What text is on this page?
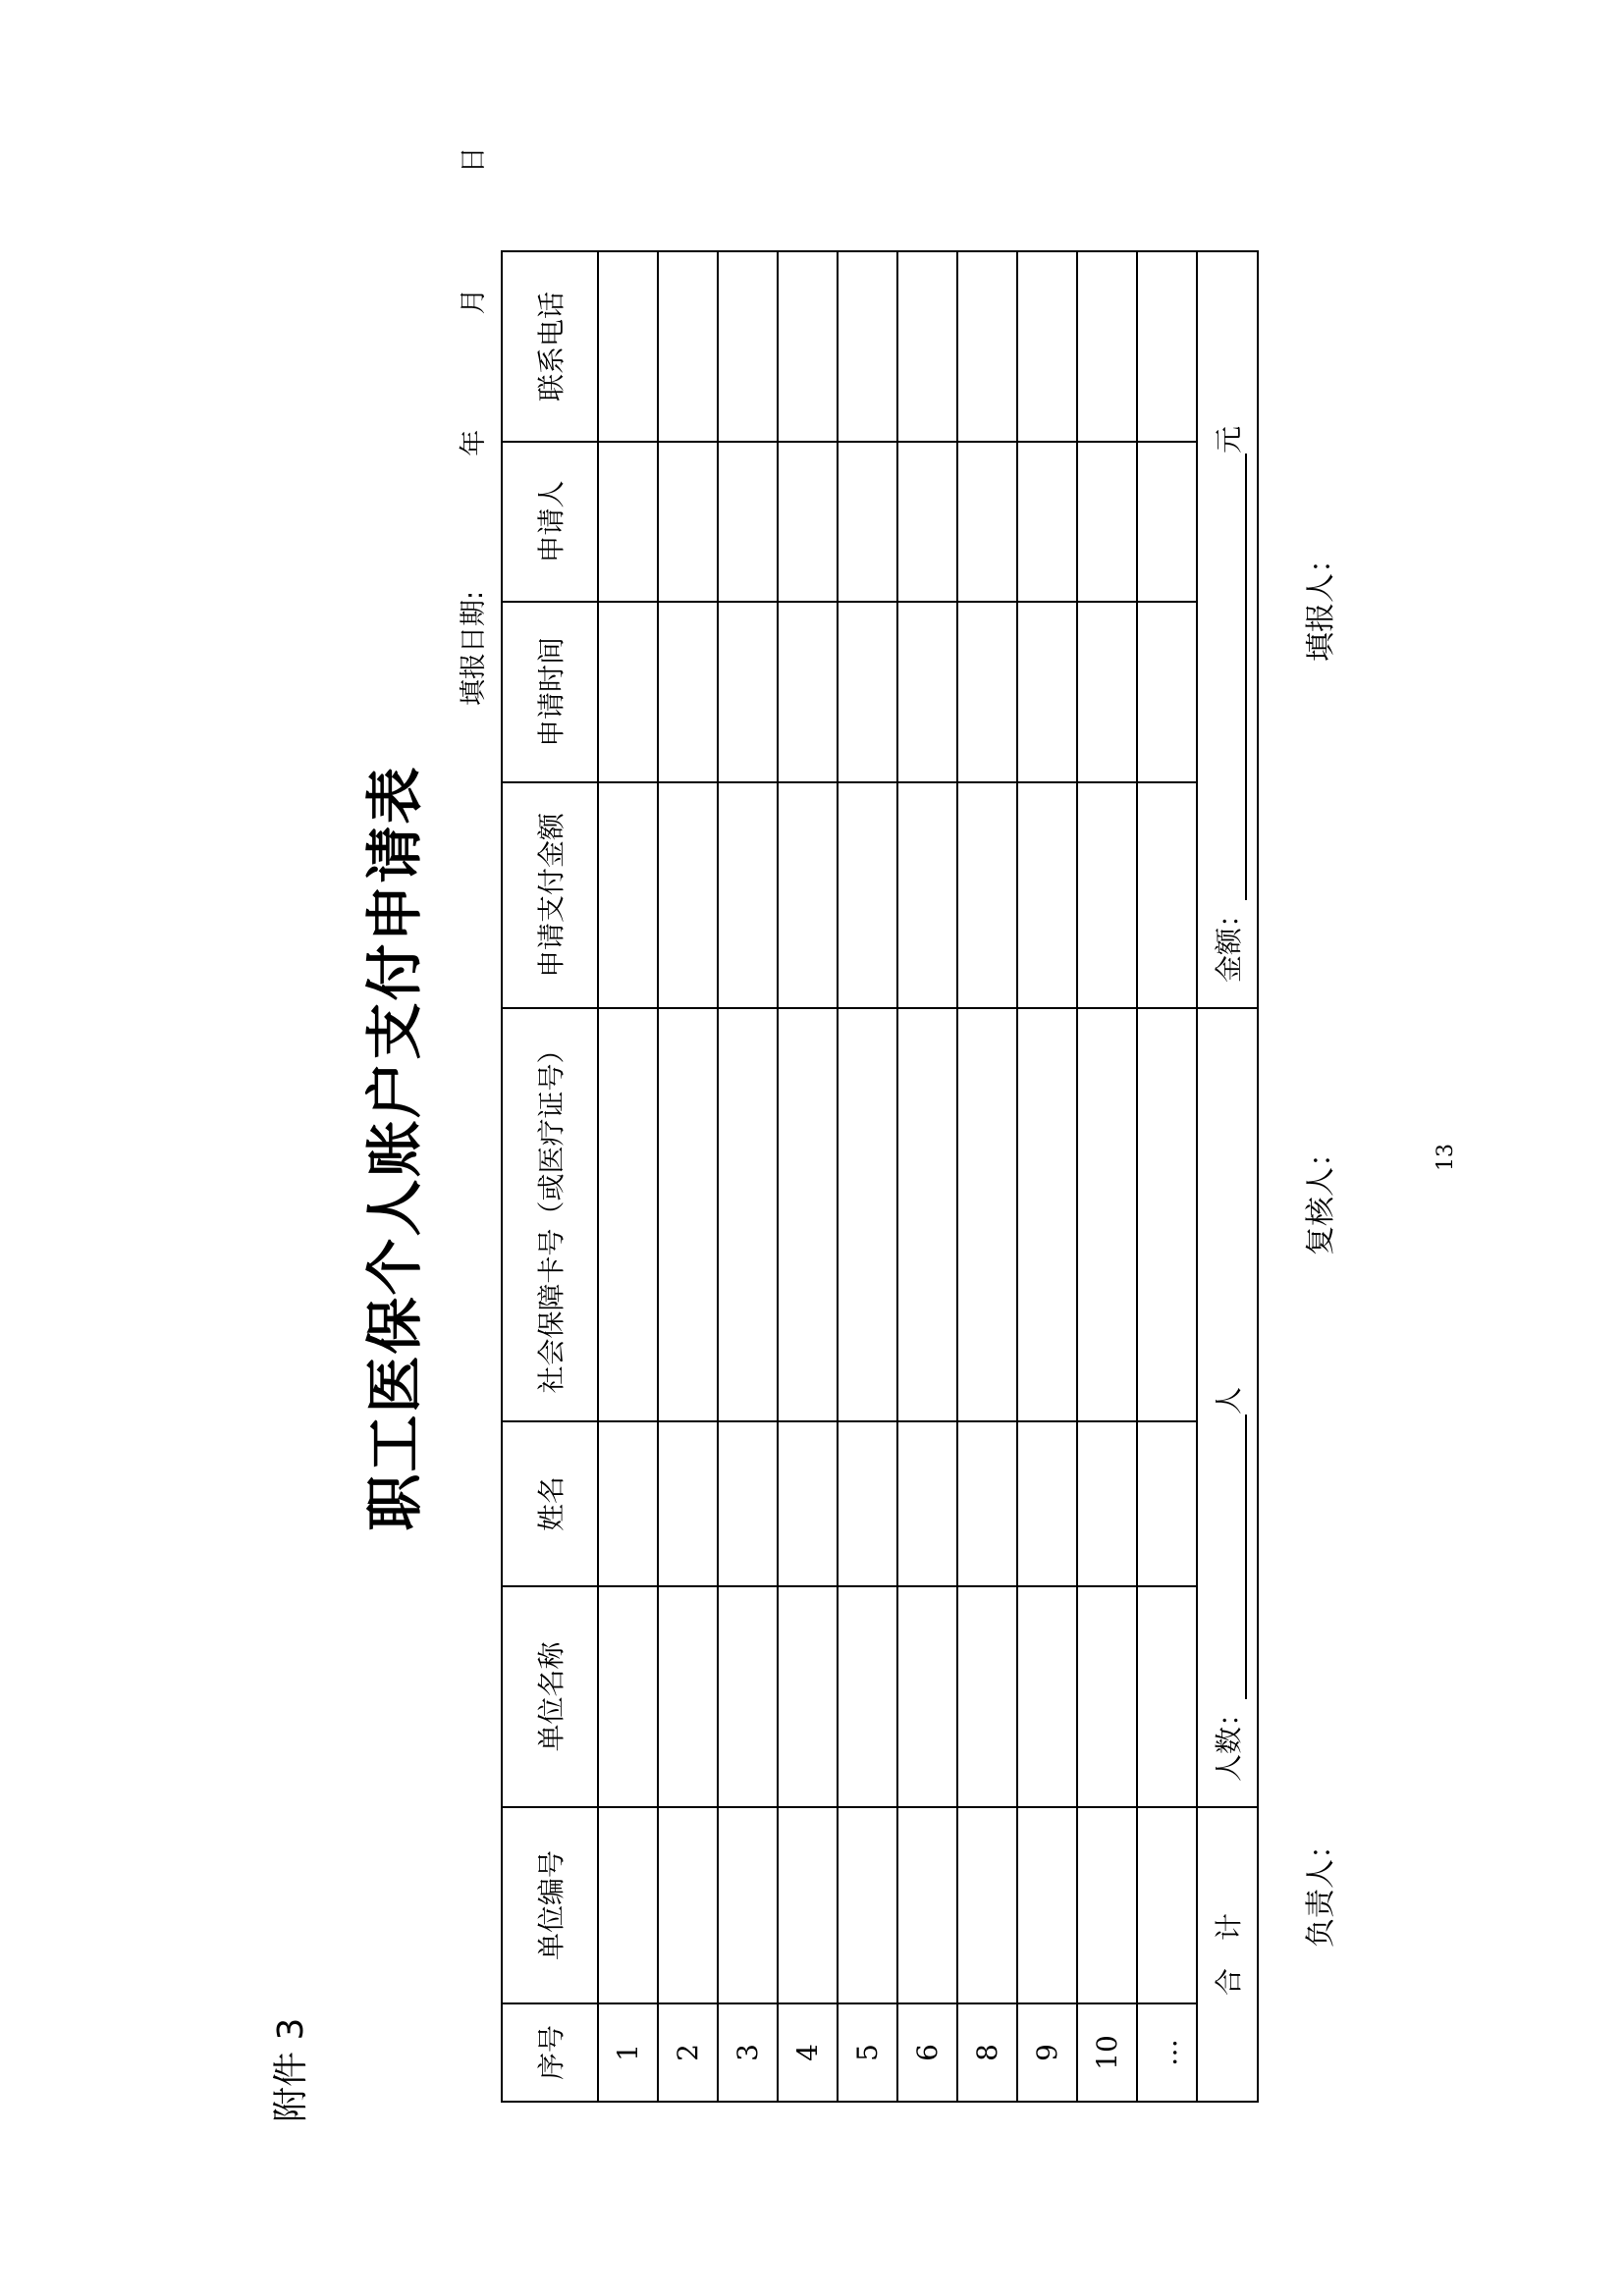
附件 3
职工医保个人账户支付申请表
填报日期:  年  月  日
序号	单位编号	单位名称	姓名	社会保障卡号（或医疗证号）	申请支付金额	申请时间	申请人	联系电话
1								
2								
3								
4								
5								
6								
8								
9								
10								
…								
合　计		人数：人			金额：元			
负责人：
复核人：
填报人：
13
